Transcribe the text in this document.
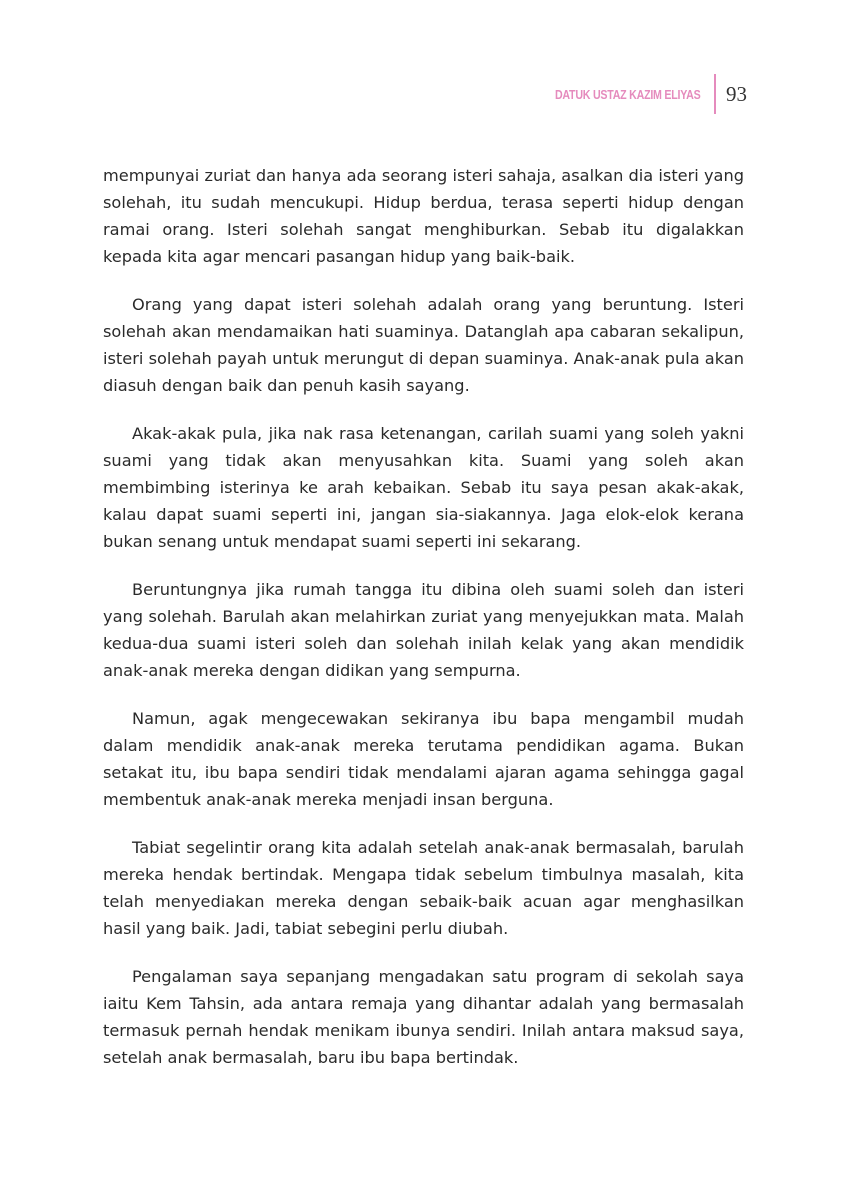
DATUK USTAZ KAZIM ELIYAS 93

mempunyai zuriat dan hanya ada seorang isteri sahaja, asalkan dia isteri yang solehah, itu sudah mencukupi. Hidup berdua, terasa seperti hidup dengan ramai orang. Isteri solehah sangat menghiburkan. Sebab itu digalakkan kepada kita agar mencari pasangan hidup yang baik-baik.

Orang yang dapat isteri solehah adalah orang yang beruntung. Isteri solehah akan mendamaikan hati suaminya. Datanglah apa cabaran sekalipun, isteri solehah payah untuk merungut di depan suaminya. Anak-anak pula akan diasuh dengan baik dan penuh kasih sayang.

Akak-akak pula, jika nak rasa ketenangan, carilah suami yang soleh yakni suami yang tidak akan menyusahkan kita. Suami yang soleh akan membimbing isterinya ke arah kebaikan. Sebab itu saya pesan akak-akak, kalau dapat suami seperti ini, jangan sia-siakannya. Jaga elok-elok kerana bukan senang untuk mendapat suami seperti ini sekarang.

Beruntungnya jika rumah tangga itu dibina oleh suami soleh dan isteri yang solehah. Barulah akan melahirkan zuriat yang menyejukkan mata. Malah kedua-dua suami isteri soleh dan solehah inilah kelak yang akan mendidik anak-anak mereka dengan didikan yang sempurna.

Namun, agak mengecewakan sekiranya ibu bapa mengambil mudah dalam mendidik anak-anak mereka terutama pendidikan agama. Bukan setakat itu, ibu bapa sendiri tidak mendalami ajaran agama sehingga gagal membentuk anak-anak mereka menjadi insan berguna.

Tabiat segelintir orang kita adalah setelah anak-anak bermasalah, barulah mereka hendak bertindak. Mengapa tidak sebelum timbulnya masalah, kita telah menyediakan mereka dengan sebaik-baik acuan agar menghasilkan hasil yang baik. Jadi, tabiat sebegini perlu diubah.

Pengalaman saya sepanjang mengadakan satu program di sekolah saya iaitu Kem Tahsin, ada antara remaja yang dihantar adalah yang bermasalah termasuk pernah hendak menikam ibunya sendiri. Inilah antara maksud saya, setelah anak bermasalah, baru ibu bapa bertindak.
